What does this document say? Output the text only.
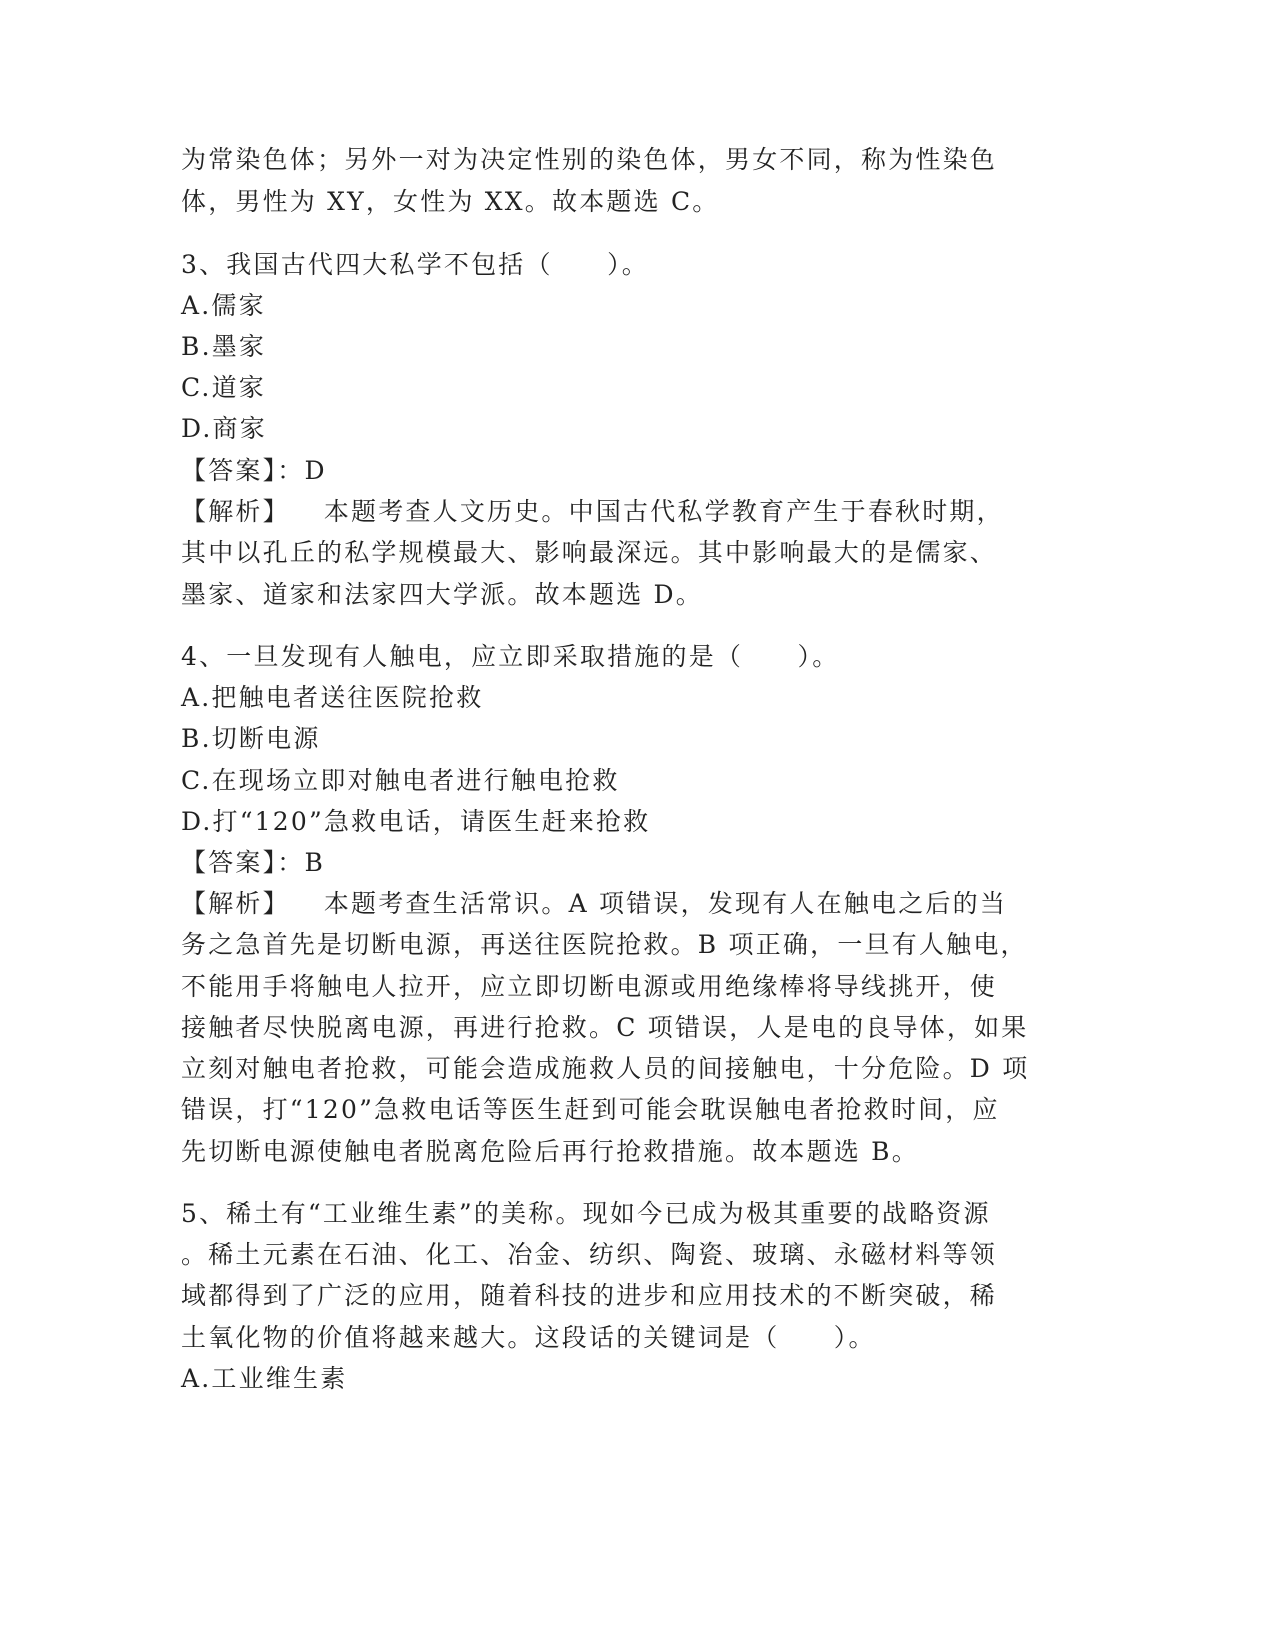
为常染色体；另外一对为决定性别的染色体，男女不同，称为性染色
体，男性为 XY，女性为 XX。故本题选 C。
3、我国古代四大私学不包括（　　）。
A.儒家
B.墨家
C.道家
D.商家
【答案】：D
【解析】 本题考查人文历史。中国古代私学教育产生于春秋时期，
其中以孔丘的私学规模最大、影响最深远。其中影响最大的是儒家、
墨家、道家和法家四大学派。故本题选 D。
4、一旦发现有人触电，应立即采取措施的是（　　）。
A.把触电者送往医院抢救
B.切断电源
C.在现场立即对触电者进行触电抢救
D.打“120”急救电话，请医生赶来抢救
【答案】：B
【解析】 本题考查生活常识。A 项错误，发现有人在触电之后的当
务之急首先是切断电源，再送往医院抢救。B 项正确，一旦有人触电，
不能用手将触电人拉开，应立即切断电源或用绝缘棒将导线挑开，使
接触者尽快脱离电源，再进行抢救。C 项错误，人是电的良导体，如果
立刻对触电者抢救，可能会造成施救人员的间接触电，十分危险。D 项
错误，打“120”急救电话等医生赶到可能会耽误触电者抢救时间，应
先切断电源使触电者脱离危险后再行抢救措施。故本题选 B。
5、稀土有“工业维生素”的美称。现如今已成为极其重要的战略资源
。稀土元素在石油、化工、冶金、纺织、陶瓷、玻璃、永磁材料等领
域都得到了广泛的应用，随着科技的进步和应用技术的不断突破，稀
土氧化物的价值将越来越大。这段话的关键词是（　　）。
A.工业维生素
